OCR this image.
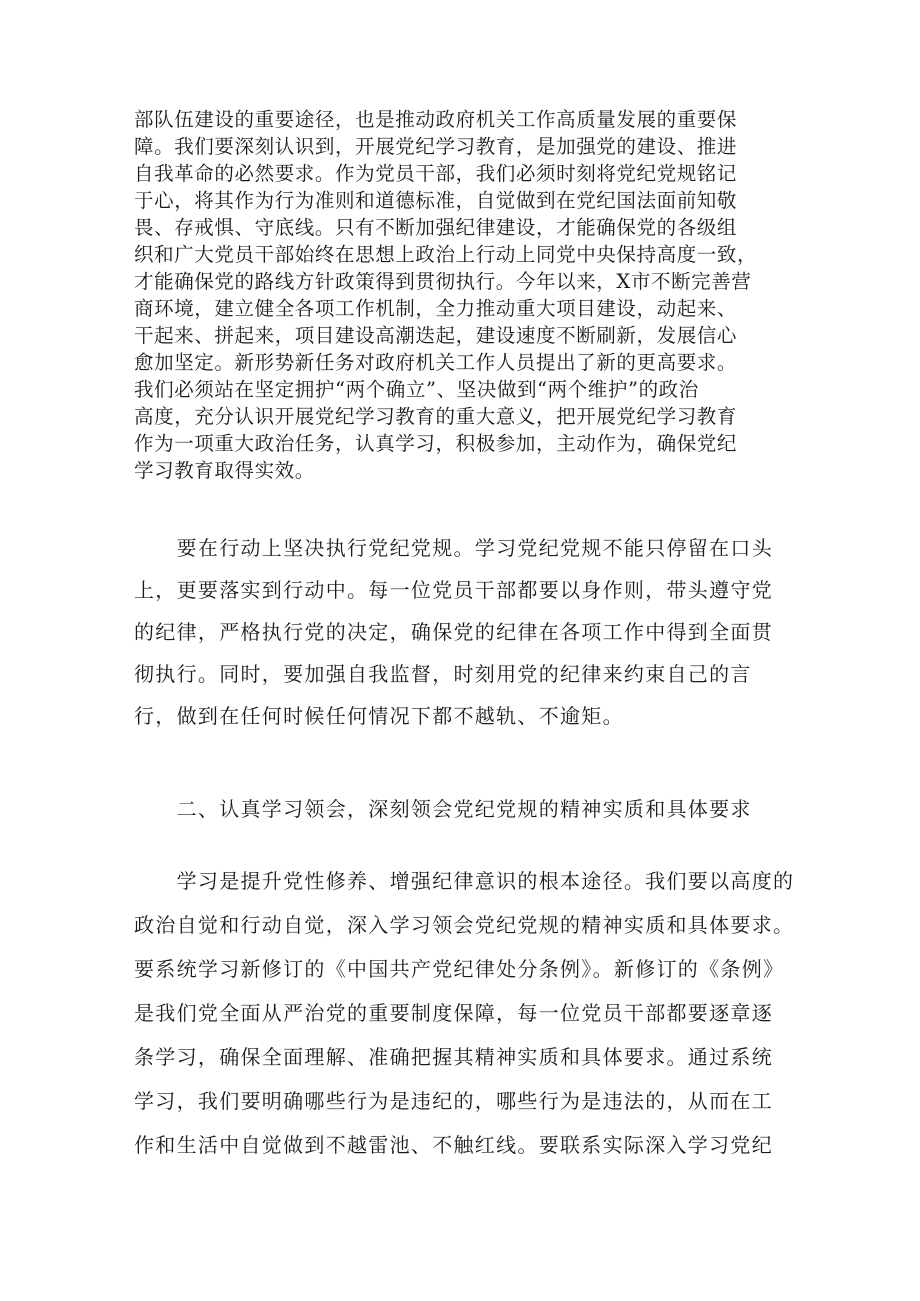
部队伍建设的重要途径，也是推动政府机关工作高质量发展的重要保

障。我们要深刻认识到，开展党纪学习教育，是加强党的建设、推进

自我革命的必然要求。作为党员干部，我们必须时刻将党纪党规铭记

于心，将其作为行为准则和道德标准，自觉做到在党纪国法面前知敬

畏、存戒惧、守底线。只有不断加强纪律建设，才能确保党的各级组

织和广大党员干部始终在思想上政治上行动上同党中央保持高度一致，

才能确保党的路线方针政策得到贯彻执行。今年以来，X市不断完善营

商环境，建立健全各项工作机制，全力推动重大项目建设，动起来、

干起来、拼起来，项目建设高潮迭起，建设速度不断刷新，发展信心

愈加坚定。新形势新任务对政府机关工作人员提出了新的更高要求。

我们必须站在坚定拥护“两个确立”、坚决做到“两个维护”的政治

高度，充分认识开展党纪学习教育的重大意义，把开展党纪学习教育

作为一项重大政治任务，认真学习，积极参加，主动作为，确保党纪

学习教育取得实效。

　　要在行动上坚决执行党纪党规。学习党纪党规不能只停留在口头

上，更要落实到行动中。每一位党员干部都要以身作则，带头遵守党

的纪律，严格执行党的决定，确保党的纪律在各项工作中得到全面贯

彻执行。同时，要加强自我监督，时刻用党的纪律来约束自己的言

行，做到在任何时候任何情况下都不越轨、不逾矩。

　　二、认真学习领会，深刻领会党纪党规的精神实质和具体要求

　　学习是提升党性修养、增强纪律意识的根本途径。我们要以高度的

政治自觉和行动自觉，深入学习领会党纪党规的精神实质和具体要求。

要系统学习新修订的《中国共产党纪律处分条例》。新修订的《条例》

是我们党全面从严治党的重要制度保障，每一位党员干部都要逐章逐

条学习，确保全面理解、准确把握其精神实质和具体要求。通过系统

学习，我们要明确哪些行为是违纪的，哪些行为是违法的，从而在工

作和生活中自觉做到不越雷池、不触红线。要联系实际深入学习党纪
